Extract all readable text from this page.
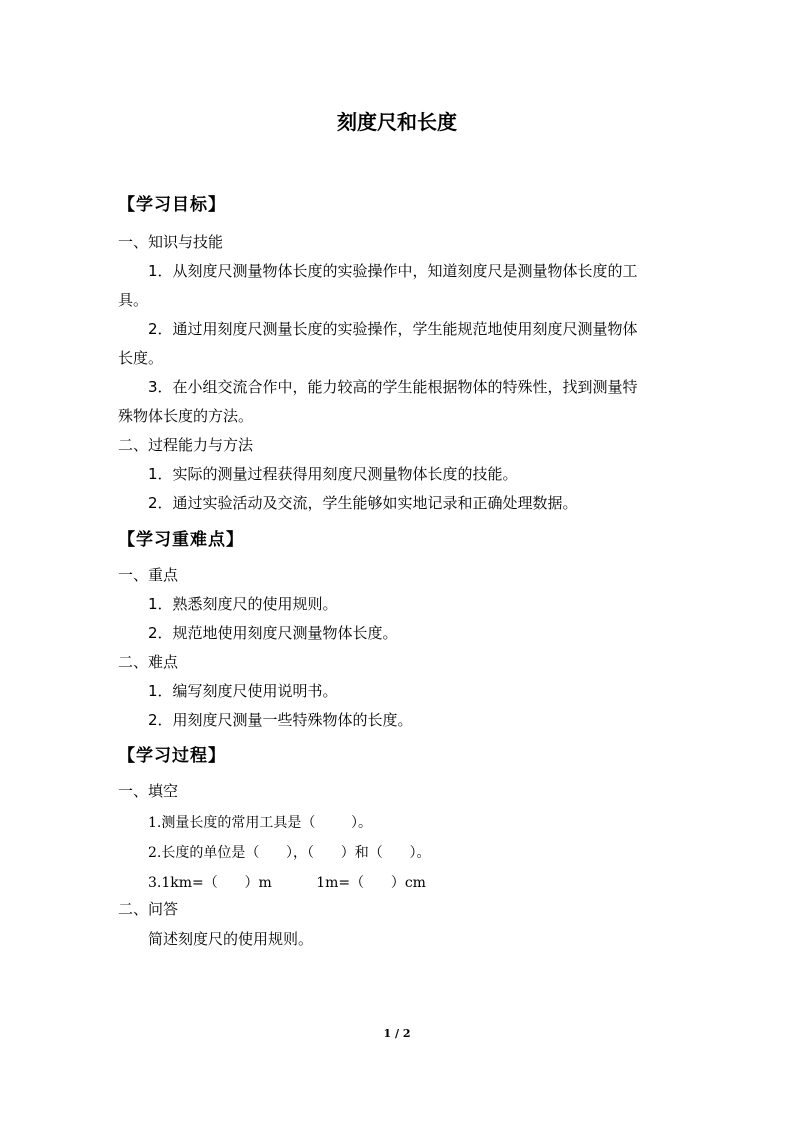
刻度尺和长度
【学习目标】
一、知识与技能
1．从刻度尺测量物体长度的实验操作中，知道刻度尺是测量物体长度的工
具。
2．通过用刻度尺测量长度的实验操作，学生能规范地使用刻度尺测量物体
长度。
3．在小组交流合作中，能力较高的学生能根据物体的特殊性，找到测量特
殊物体长度的方法。
二、过程能力与方法
1．实际的测量过程获得用刻度尺测量物体长度的技能。
2．通过实验活动及交流，学生能够如实地记录和正确处理数据。
【学习重难点】
一、重点
1．熟悉刻度尺的使用规则。
2．规范地使用刻度尺测量物体长度。
二、难点
1．编写刻度尺使用说明书。
2．用刻度尺测量一些特殊物体的长度。
【学习过程】
一、填空
1.测量长度的常用工具是（        ）。
2.长度的单位是（      ），（      ）和（      ）。
3.1km=（      ）m          1m=（      ）cm
二、问答
简述刻度尺的使用规则。
1 / 2
